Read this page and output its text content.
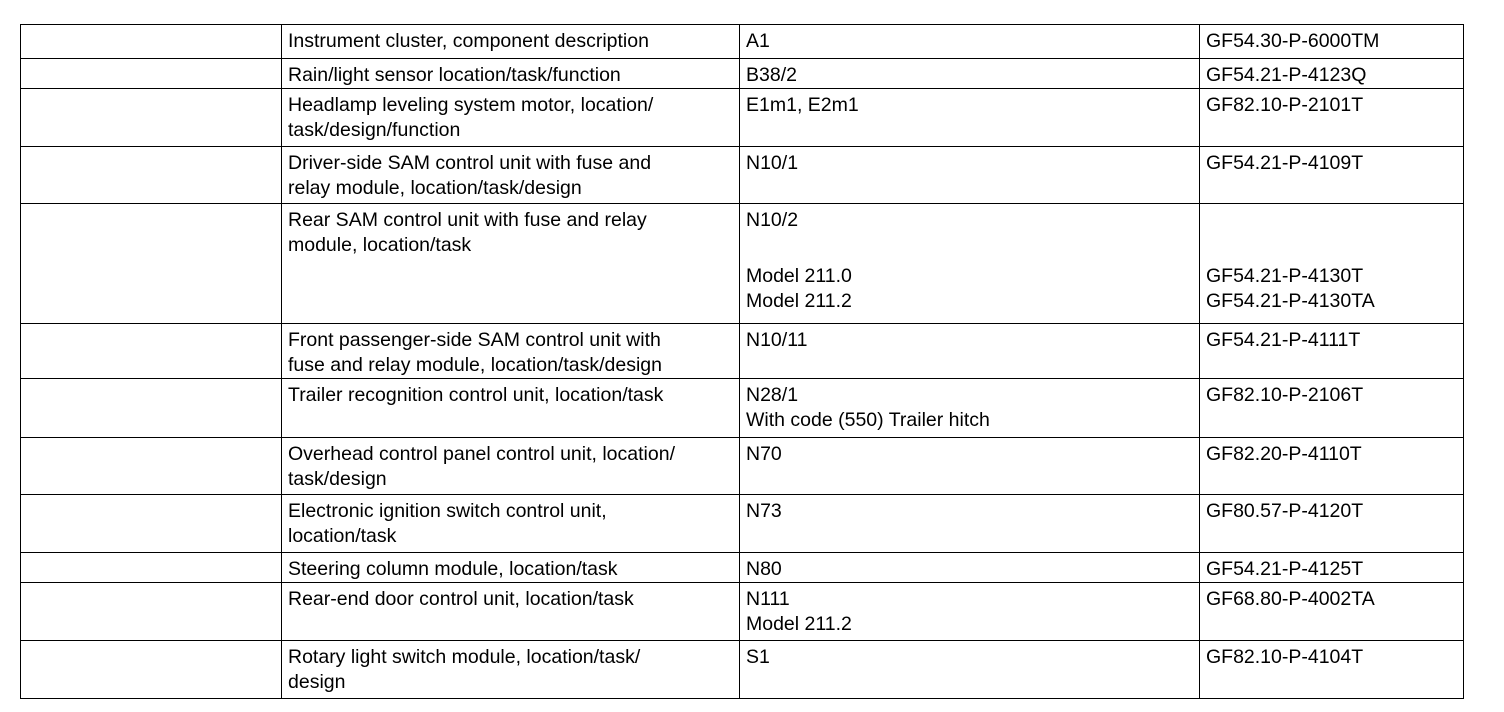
	Instrument cluster, component description	A1	GF54.30-P-6000TM

	Rain/light sensor location/task/function	B38/2	GF54.21-P-4123Q

	Headlamp leveling system motor, location/
task/design/function	E1m1, E2m1	GF82.10-P-2101T

	Driver-side SAM control unit with fuse and
relay module, location/task/design	N10/1	GF54.21-P-4109T

	Rear SAM control unit with fuse and relay
module, location/task	N10/2
Model 211.0
Model 211.2	GF54.21-P-4130T
GF54.21-P-4130TA

	Front passenger-side SAM control unit with
fuse and relay module, location/task/design	N10/11	GF54.21-P-4111T

	Trailer recognition control unit, location/task	N28/1
With code (550) Trailer hitch	GF82.10-P-2106T

	Overhead control panel control unit, location/
task/design	N70	GF82.20-P-4110T

	Electronic ignition switch control unit,
location/task	N73	GF80.57-P-4120T

	Steering column module, location/task	N80	GF54.21-P-4125T

	Rear-end door control unit, location/task	N111
Model 211.2	GF68.80-P-4002TA

	Rotary light switch module, location/task/
design	S1	GF82.10-P-4104T
